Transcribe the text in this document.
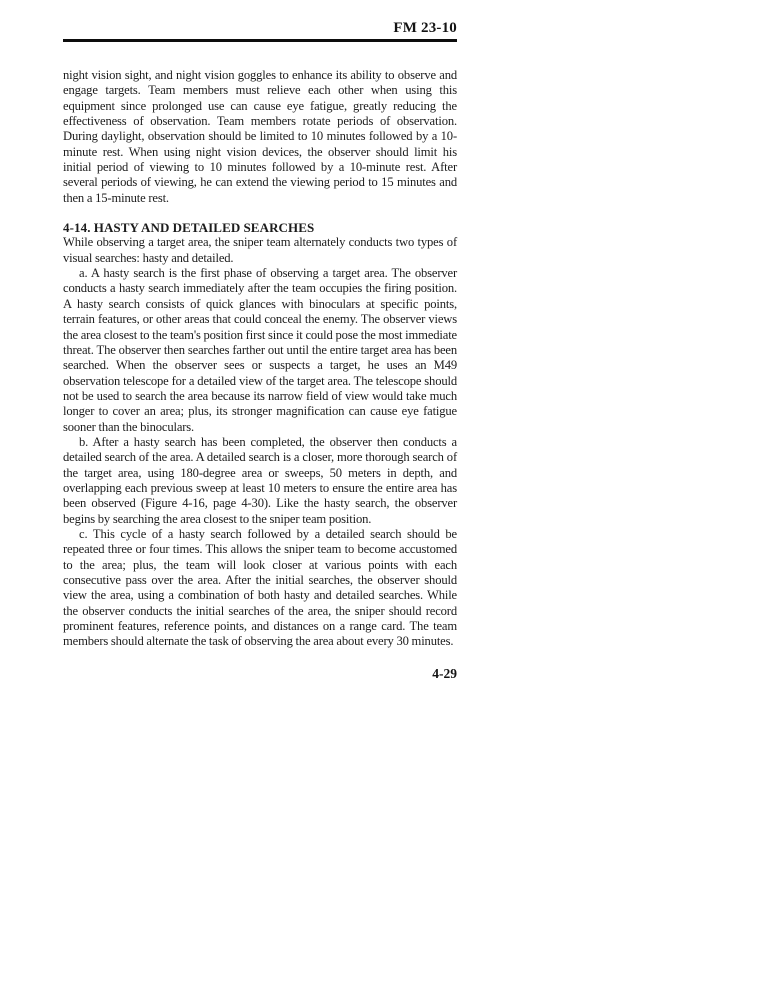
FM 23-10

night vision sight, and night vision goggles to enhance its ability to observe and engage targets. Team members must relieve each other when using this equipment since prolonged use can cause eye fatigue, greatly reducing the effectiveness of observation. Team members rotate periods of observation. During daylight, observation should be limited to 10 minutes followed by a 10-minute rest. When using night vision devices, the observer should limit his initial period of viewing to 10 minutes followed by a 10-minute rest. After several periods of viewing, he can extend the viewing period to 15 minutes and then a 15-minute rest.

4-14. HASTY AND DETAILED SEARCHES

While observing a target area, the sniper team alternately conducts two types of visual searches: hasty and detailed.

a. A hasty search is the first phase of observing a target area. The observer conducts a hasty search immediately after the team occupies the firing position. A hasty search consists of quick glances with binoculars at specific points, terrain features, or other areas that could conceal the enemy. The observer views the area closest to the team's position first since it could pose the most immediate threat. The observer then searches farther out until the entire target area has been searched. When the observer sees or suspects a target, he uses an M49 observation telescope for a detailed view of the target area. The telescope should not be used to search the area because its narrow field of view would take much longer to cover an area; plus, its stronger magnification can cause eye fatigue sooner than the binoculars.

b. After a hasty search has been completed, the observer then conducts a detailed search of the area. A detailed search is a closer, more thorough search of the target area, using 180-degree area or sweeps, 50 meters in depth, and overlapping each previous sweep at least 10 meters to ensure the entire area has been observed (Figure 4-16, page 4-30). Like the hasty search, the observer begins by searching the area closest to the sniper team position.

c. This cycle of a hasty search followed by a detailed search should be repeated three or four times. This allows the sniper team to become accustomed to the area; plus, the team will look closer at various points with each consecutive pass over the area. After the initial searches, the observer should view the area, using a combination of both hasty and detailed searches. While the observer conducts the initial searches of the area, the sniper should record prominent features, reference points, and distances on a range card. The team members should alternate the task of observing the area about every 30 minutes.

4-29
